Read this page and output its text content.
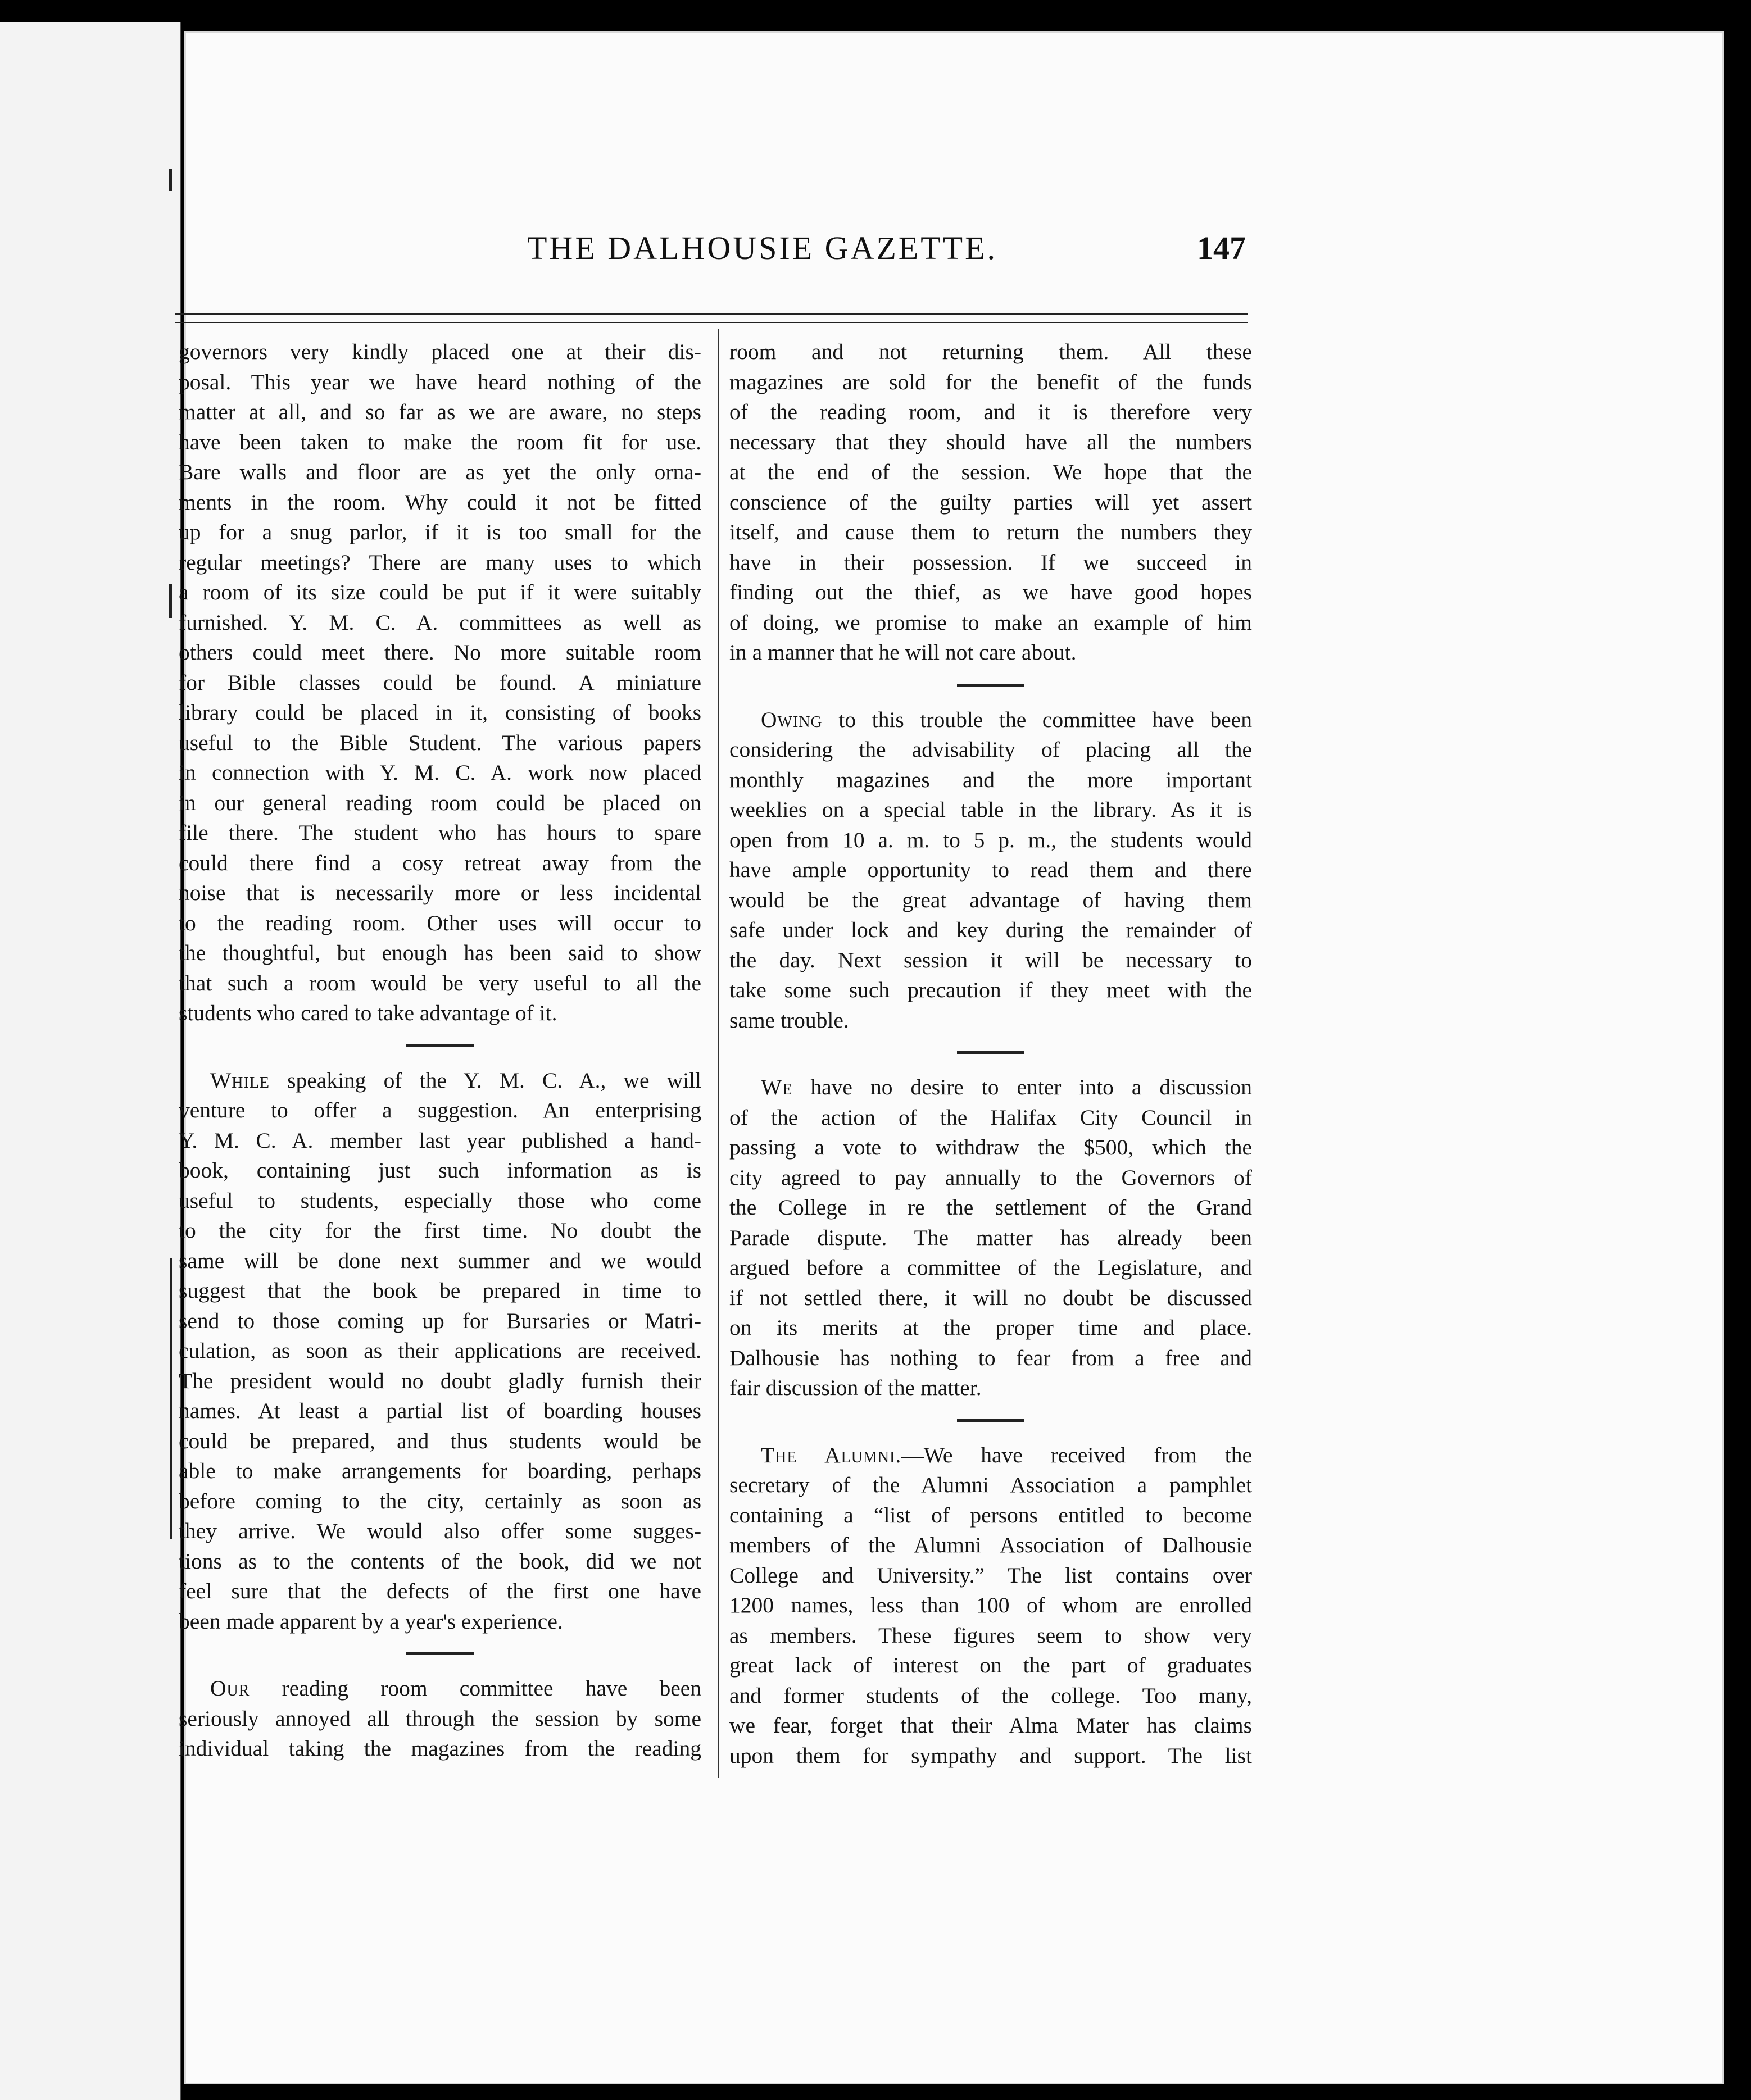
THE DALHOUSIE GAZETTE.	147
governors very kindly placed one at their dis-
posal. This year we have heard nothing of the
matter at all, and so far as we are aware, no steps
have been taken to make the room fit for use.
Bare walls and floor are as yet the only orna-
ments in the room. Why could it not be fitted
up for a snug parlor, if it is too small for the
regular meetings? There are many uses to which
a room of its size could be put if it were suitably
furnished. Y. M. C. A. committees as well as
others could meet there. No more suitable room
for Bible classes could be found. A miniature
library could be placed in it, consisting of books
useful to the Bible Student. The various papers
in connection with Y. M. C. A. work now placed
in our general reading room could be placed on
file there. The student who has hours to spare
could there find a cosy retreat away from the
noise that is necessarily more or less incidental
to the reading room. Other uses will occur to
the thoughtful, but enough has been said to show
that such a room would be very useful to all the
students who cared to take advantage of it.
While speaking of the Y. M. C. A., we will
venture to offer a suggestion. An enterprising
Y. M. C. A. member last year published a hand-
book, containing just such information as is
useful to students, especially those who come
to the city for the first time. No doubt the
same will be done next summer and we would
suggest that the book be prepared in time to
send to those coming up for Bursaries or Matri-
culation, as soon as their applications are received.
The president would no doubt gladly furnish their
names. At least a partial list of boarding houses
could be prepared, and thus students would be
able to make arrangements for boarding, perhaps
before coming to the city, certainly as soon as
they arrive. We would also offer some sugges-
tions as to the contents of the book, did we not
feel sure that the defects of the first one have
been made apparent by a year's experience.
Our reading room committee have been
seriously annoyed all through the session by some
individual taking the magazines from the reading
room and not returning them. All these
magazines are sold for the benefit of the funds
of the reading room, and it is therefore very
necessary that they should have all the numbers
at the end of the session. We hope that the
conscience of the guilty parties will yet assert
itself, and cause them to return the numbers they
have in their possession. If we succeed in
finding out the thief, as we have good hopes
of doing, we promise to make an example of him
in a manner that he will not care about.
Owing to this trouble the committee have been
considering the advisability of placing all the
monthly magazines and the more important
weeklies on a special table in the library. As it is
open from 10 a. m. to 5 p. m., the students would
have ample opportunity to read them and there
would be the great advantage of having them
safe under lock and key during the remainder of
the day. Next session it will be necessary to
take some such precaution if they meet with the
same trouble.
We have no desire to enter into a discussion
of the action of the Halifax City Council in
passing a vote to withdraw the $500, which the
city agreed to pay annually to the Governors of
the College in re the settlement of the Grand
Parade dispute. The matter has already been
argued before a committee of the Legislature, and
if not settled there, it will no doubt be discussed
on its merits at the proper time and place.
Dalhousie has nothing to fear from a free and
fair discussion of the matter.
The Alumni.—We have received from the
secretary of the Alumni Association a pamphlet
containing a “list of persons entitled to become
members of the Alumni Association of Dalhousie
College and University.” The list contains over
1200 names, less than 100 of whom are enrolled
as members. These figures seem to show very
great lack of interest on the part of graduates
and former students of the college. Too many,
we fear, forget that their Alma Mater has claims
upon them for sympathy and support. The list
